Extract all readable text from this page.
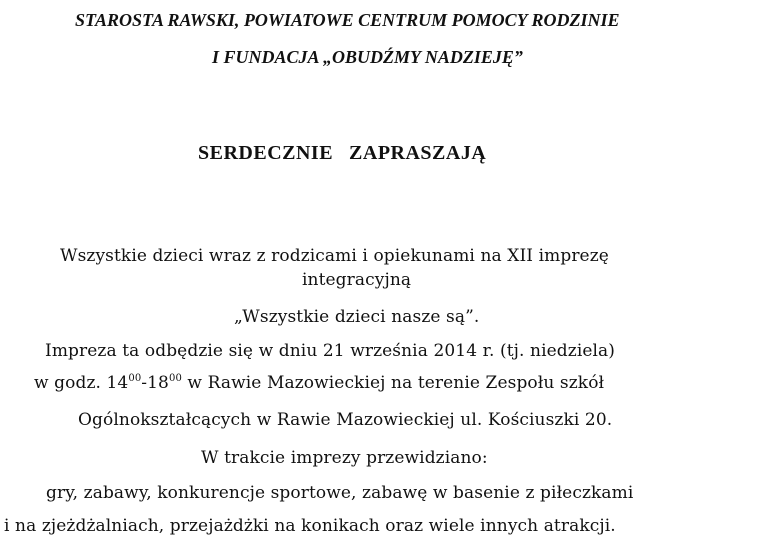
STAROSTA RAWSKI, POWIATOWE CENTRUM POMOCY RODZINIE
I FUNDACJA „OBUDŹMY NADZIEJĘ”
SERDECZNIE ZAPRASZAJĄ
Wszystkie dzieci wraz z rodzicami i opiekunami na XII imprezę
integracyjną
„Wszystkie dzieci nasze są”.
Impreza ta odbędzie się w dniu 21 września 2014 r. (tj. niedziela)
w godz. $14^{00}-18^{00}$ w Rawie Mazowieckiej na terenie Zespołu szkół
Ogólnokształcących w Rawie Mazowieckiej ul. Kościuszki 20.
W trakcie imprezy przewidziano:
gry, zabawy, konkurencje sportowe, zabawę w basenie z piłeczkami
i na zjeżdżalniach, przejażdżki na konikach oraz wiele innych atrakcji.
